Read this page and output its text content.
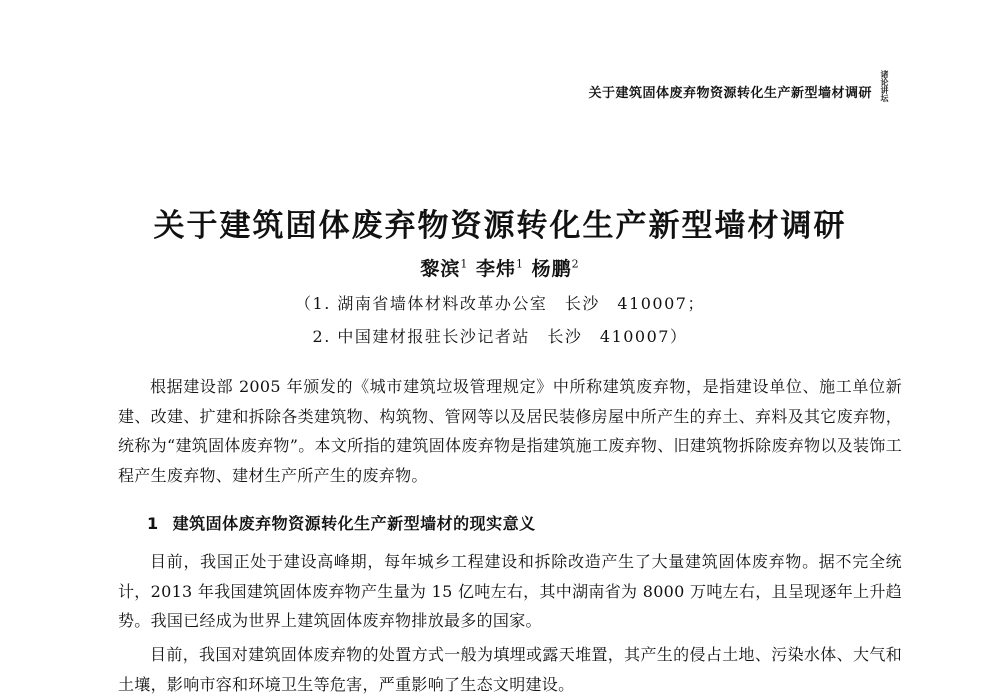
关于建筑固体废弃物资源转化生产新型墙材调研 诸论讲坛
关于建筑固体废弃物资源转化生产新型墙材调研
黎滨$^1$ 李炜$^1$ 杨鹏$^2$
（1. 湖南省墙体材料改革办公室　长沙　410007；
2. 中国建材报驻长沙记者站　长沙　410007）

根据建设部 2005 年颁发的《城市建筑垃圾管理规定》中所称建筑废弃物，是指建设单位、施工单位新建、改建、扩建和拆除各类建筑物、构筑物、管网等以及居民装修房屋中所产生的弃土、弃料及其它废弃物，统称为“建筑固体废弃物”。本文所指的建筑固体废弃物是指建筑施工废弃物、旧建筑物拆除废弃物以及装饰工程产生废弃物、建材生产所产生的废弃物。

1 建筑固体废弃物资源转化生产新型墙材的现实意义

目前，我国正处于建设高峰期，每年城乡工程建设和拆除改造产生了大量建筑固体废弃物。据不完全统计，2013 年我国建筑固体废弃物产生量为 15 亿吨左右，其中湖南省为 8000 万吨左右，且呈现逐年上升趋势。我国已经成为世界上建筑固体废弃物排放最多的国家。

目前，我国对建筑固体废弃物的处置方式一般为填埋或露天堆置，其产生的侵占土地、污染水体、大气和土壤，影响市容和环境卫生等危害，严重影响了生态文明建设。
